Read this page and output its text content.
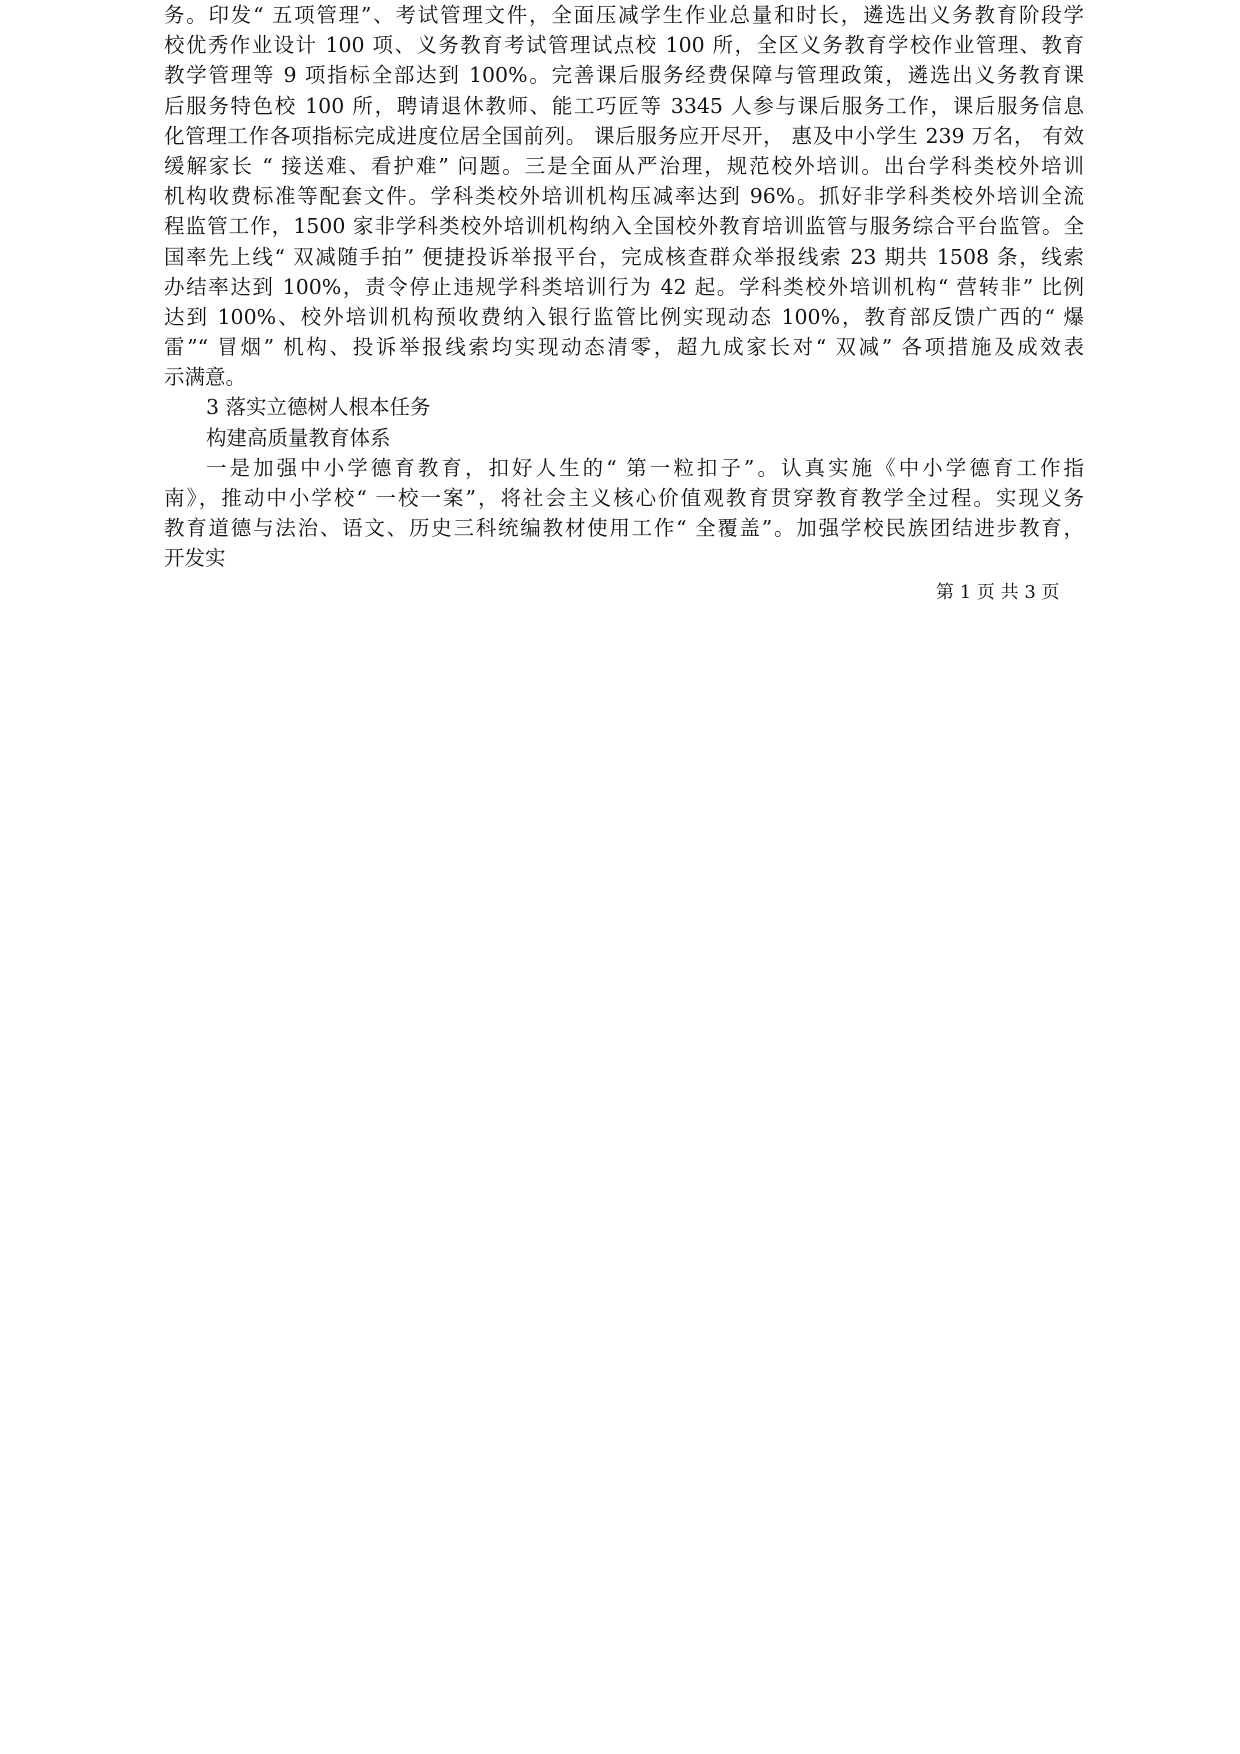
务。印发“ 五项管理”、考试管理文件，全面压减学生作业总量和时长，遴选出义务教育阶段学
校优秀作业设计 100 项、义务教育考试管理试点校 100 所，全区义务教育学校作业管理、教育
教学管理等 9 项指标全部达到 100%。完善课后服务经费保障与管理政策，遴选出义务教育课
后服务特色校 100 所，聘请退休教师、能工巧匠等 3345 人参与课后服务工作，课后服务信息
化管理工作各项指标完成进度位居全国前列。 课后服务应开尽开， 惠及中小学生 239 万名， 有效
缓解家长 “ 接送难、看护难” 问题。三是全面从严治理，规范校外培训。出台学科类校外培训
机构收费标准等配套文件。学科类校外培训机构压减率达到 96%。抓好非学科类校外培训全流
程监管工作，1500 家非学科类校外培训机构纳入全国校外教育培训监管与服务综合平台监管。全
国率先上线“ 双减随手拍” 便捷投诉举报平台，完成核查群众举报线索 23 期共 1508 条，线索
办结率达到 100%，责令停止违规学科类培训行为 42 起。学科类校外培训机构“ 营转非” 比例
达到 100%、校外培训机构预收费纳入银行监管比例实现动态 100%，教育部反馈广西的“ 爆
雷”“ 冒烟” 机构、投诉举报线索均实现动态清零，超九成家长对“ 双减” 各项措施及成效表
示满意。
3 落实立德树人根本任务
构建高质量教育体系
一是加强中小学德育教育，扣好人生的“ 第一粒扣子”。认真实施《中小学德育工作指
南》，推动中小学校“ 一校一案”，将社会主义核心价值观教育贯穿教育教学全过程。实现义务
教育道德与法治、语文、历史三科统编教材使用工作“ 全覆盖”。加强学校民族团结进步教育，
开发实
第 1 页 共 3 页
